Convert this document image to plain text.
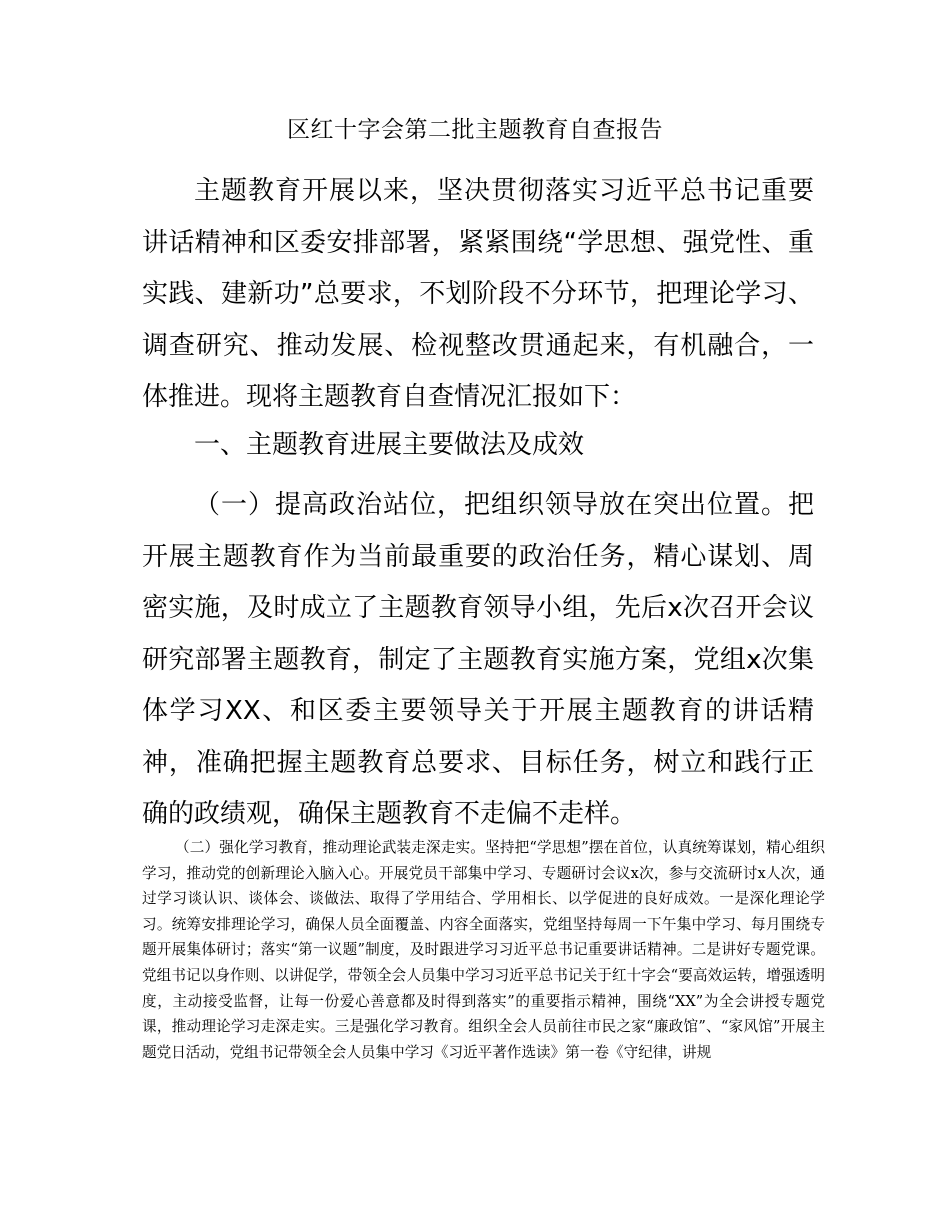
区红十字会第二批主题教育自查报告

主题教育开展以来，坚决贯彻落实习近平总书记重要讲话精神和区委安排部署，紧紧围绕“学思想、强党性、重实践、建新功”总要求，不划阶段不分环节，把理论学习、调查研究、推动发展、检视整改贯通起来，有机融合，一体推进。现将主题教育自查情况汇报如下：

一、主题教育进展主要做法及成效

（一）提高政治站位，把组织领导放在突出位置。把开展主题教育作为当前最重要的政治任务，精心谋划、周密实施，及时成立了主题教育领导小组，先后x次召开会议研究部署主题教育，制定了主题教育实施方案，党组x次集体学习XX、和区委主要领导关于开展主题教育的讲话精神，准确把握主题教育总要求、目标任务，树立和践行正确的政绩观，确保主题教育不走偏不走样。

（二）强化学习教育，推动理论武装走深走实。坚持把“学思想”摆在首位，认真统筹谋划，精心组织学习，推动党的创新理论入脑入心。开展党员干部集中学习、专题研讨会议x次，参与交流研讨x人次，通过学习谈认识、谈体会、谈做法、取得了学用结合、学用相长、以学促进的良好成效。一是深化理论学习。统筹安排理论学习，确保人员全面覆盖、内容全面落实，党组坚持每周一下午集中学习、每月围绕专题开展集体研讨；落实“第一议题”制度，及时跟进学习习近平总书记重要讲话精神。二是讲好专题党课。党组书记以身作则、以讲促学，带领全会人员集中学习习近平总书记关于红十字会“要高效运转，增强透明度，主动接受监督，让每一份爱心善意都及时得到落实”的重要指示精神，围绕“XX”为全会讲授专题党课，推动理论学习走深走实。三是强化学习教育。组织全会人员前往市民之家“廉政馆”、“家风馆”开展主题党日活动，党组书记带领全会人员集中学习《习近平著作选读》第一卷《守纪律，讲规
